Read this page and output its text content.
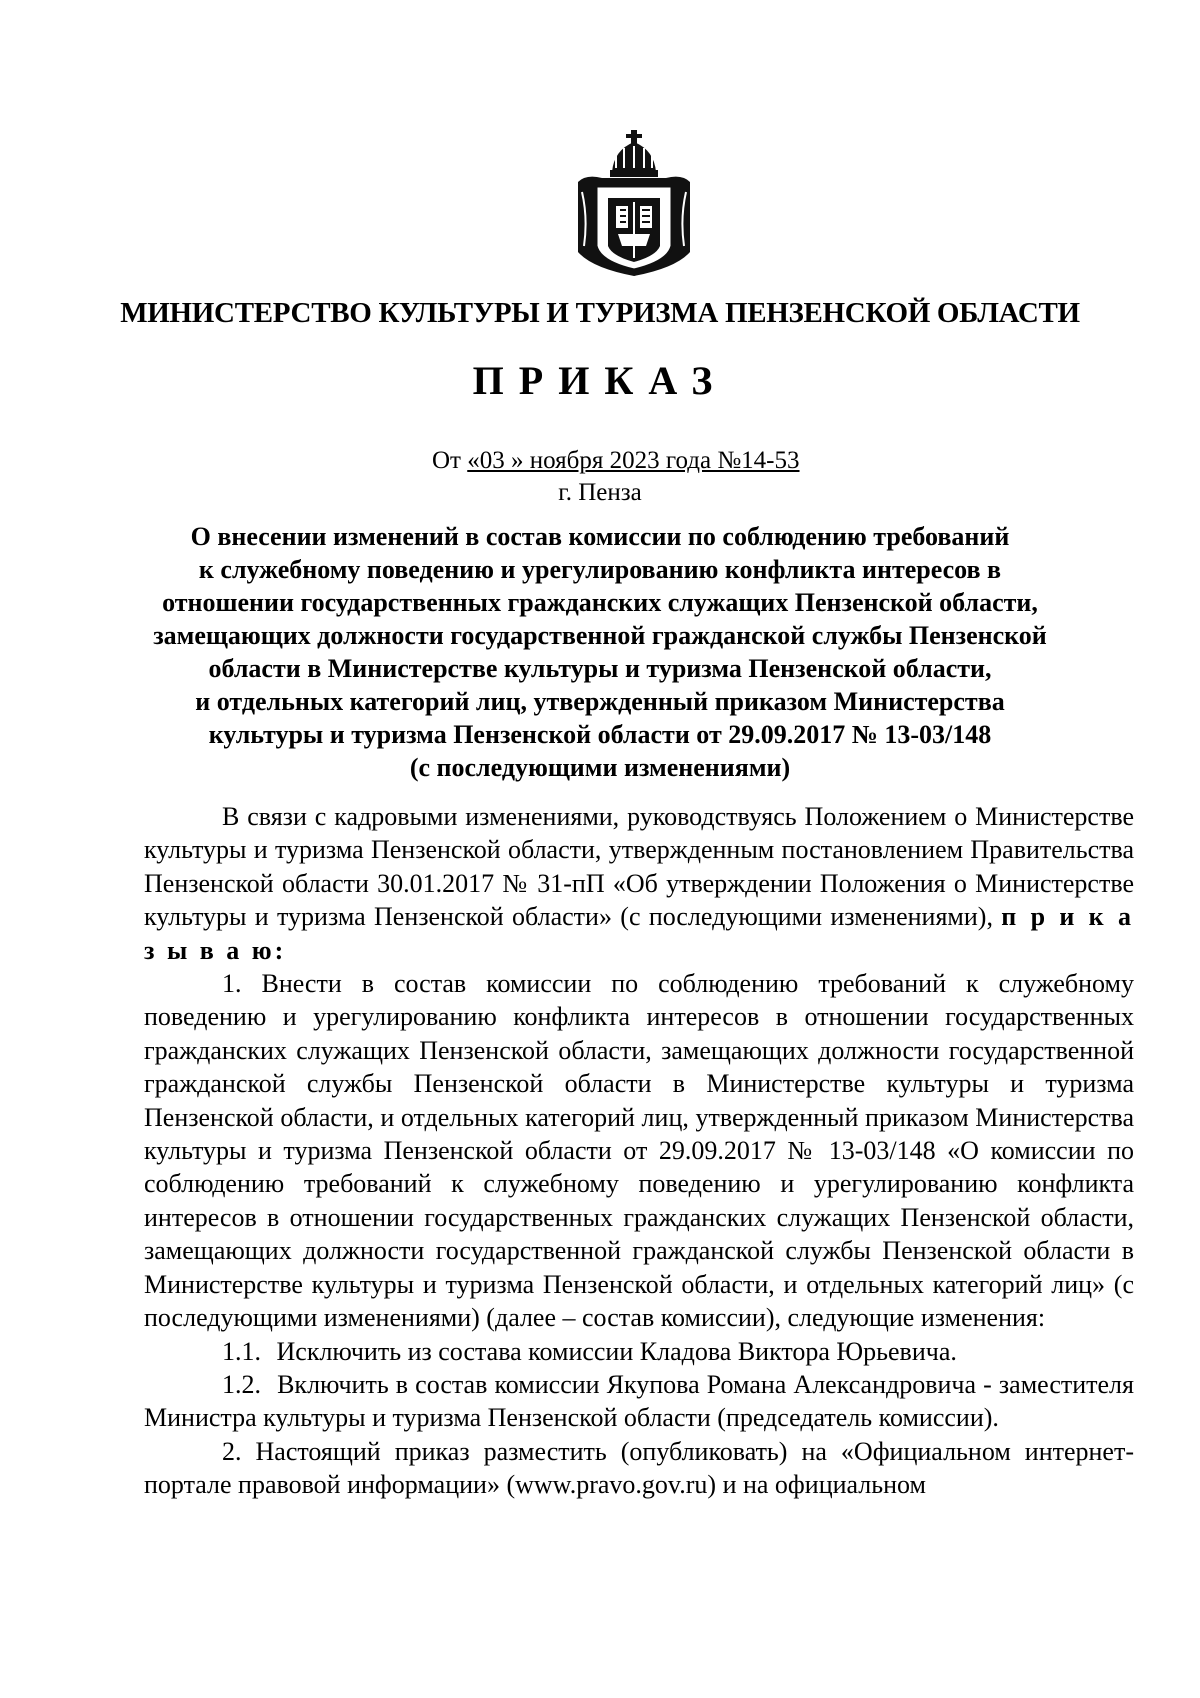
МИНИСТЕРСТВО КУЛЬТУРЫ И ТУРИЗМА ПЕНЗЕНСКОЙ ОБЛАСТИ
ПРИКАЗ
От «03 » ноября 2023 года №14-53
г. Пенза
О внесении изменений в состав комиссии по соблюдению требований
к служебному поведению и урегулированию конфликта интересов в
отношении государственных гражданских служащих Пензенской области,
замещающих должности государственной гражданской службы Пензенской
области в Министерстве культуры и туризма Пензенской области,
и отдельных категорий лиц, утвержденный приказом Министерства
культуры и туризма Пензенской области от 29.09.2017 № 13-03/148
(с последующими изменениями)

В связи с кадровыми изменениями, руководствуясь Положением о Министерстве культуры и туризма Пензенской области, утвержденным постановлением Правительства Пензенской области 30.01.2017 № 31-пП «Об утверждении Положения о Министерстве культуры и туризма Пензенской области» (с последующими изменениями), п р и к а з ы в а ю:

1. Внести в состав комиссии по соблюдению требований к служебному поведению и урегулированию конфликта интересов в отношении государственных гражданских служащих Пензенской области, замещающих должности государственной гражданской службы Пензенской области в Министерстве культуры и туризма Пензенской области, и отдельных категорий лиц, утвержденный приказом Министерства культуры и туризма Пензенской области от 29.09.2017 № 13-03/148 «О комиссии по соблюдению требований к служебному поведению и урегулированию конфликта интересов в отношении государственных гражданских служащих Пензенской области, замещающих должности государственной гражданской службы Пензенской области в Министерстве культуры и туризма Пензенской области, и отдельных категорий лиц» (с последующими изменениями) (далее – состав комиссии), следующие изменения:

1.1. Исключить из состава комиссии Кладова Виктора Юрьевича.

1.2. Включить в состав комиссии Якупова Романа Александровича - заместителя Министра культуры и туризма Пензенской области (председатель комиссии).

2. Настоящий приказ разместить (опубликовать) на «Официальном интернет-портале правовой информации» (www.pravo.gov.ru) и на официальном
